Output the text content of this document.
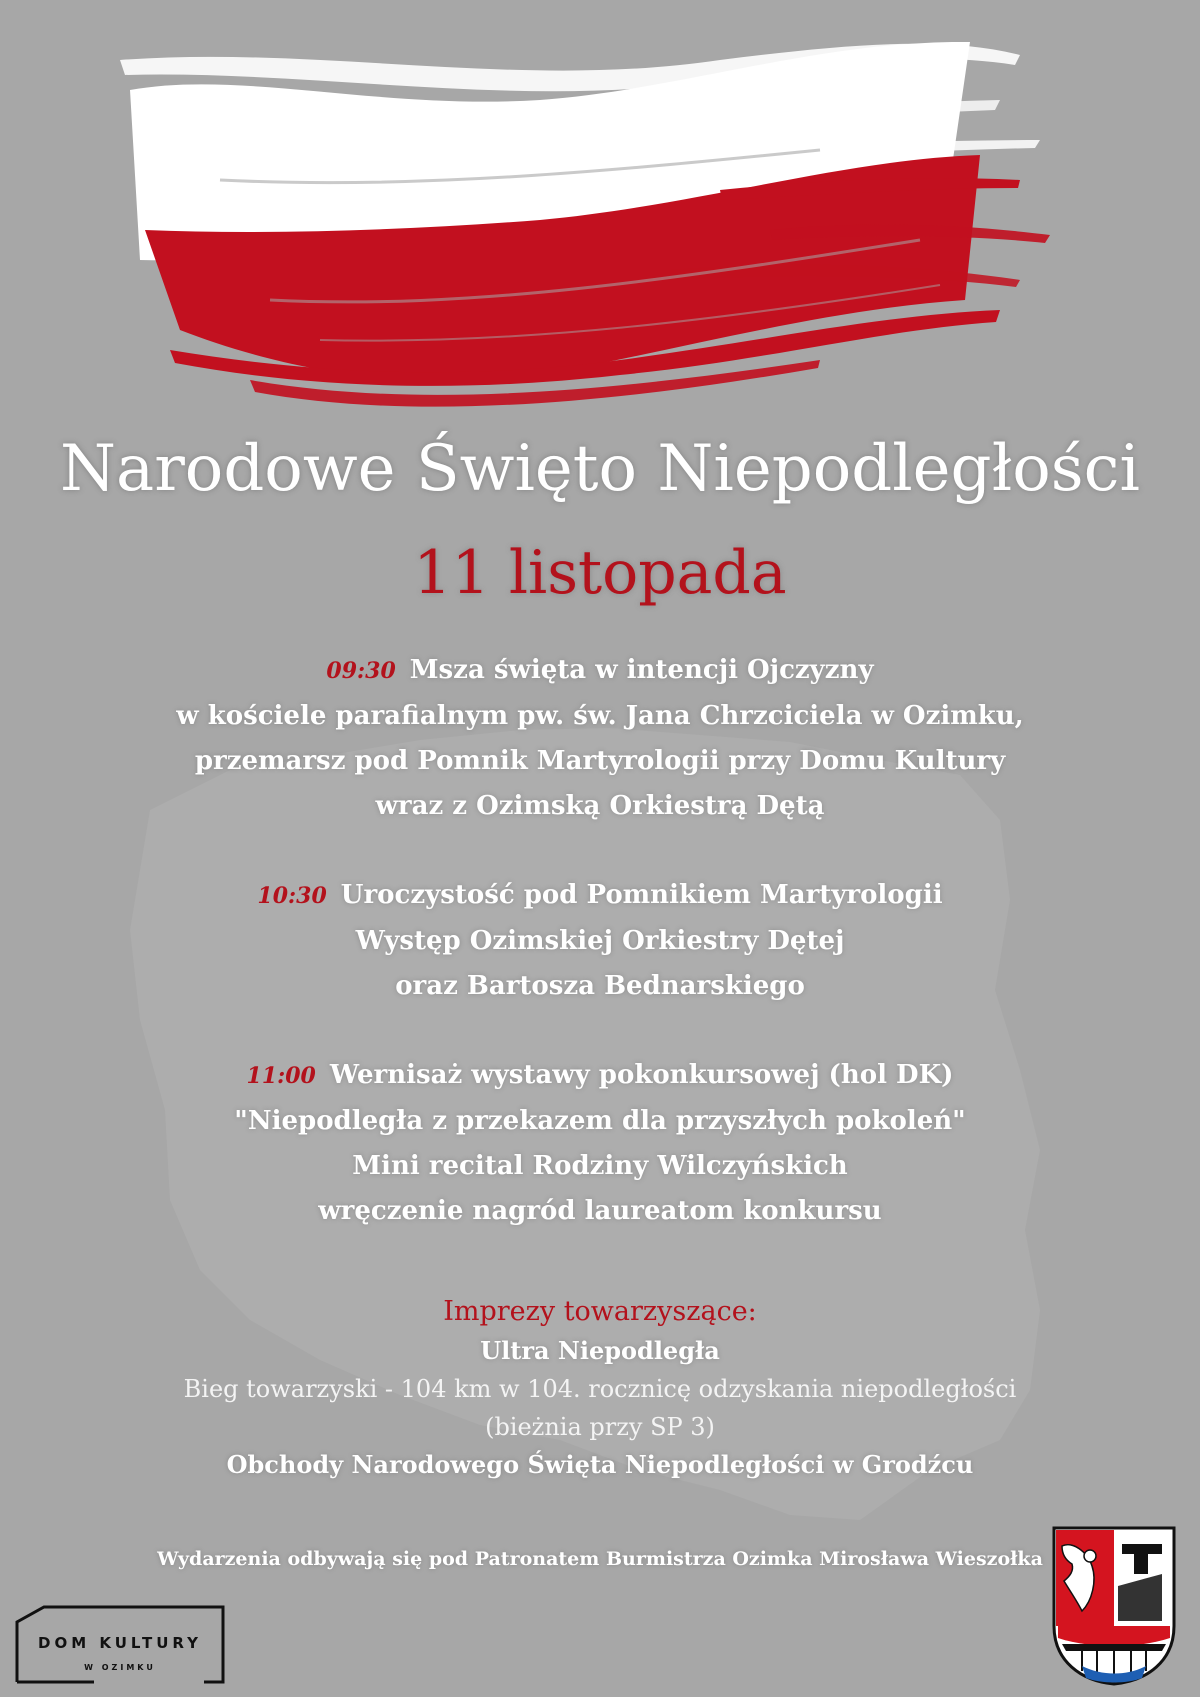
Narodowe Święto Niepodległości
11 listopada
09:30 Msza święta w intencji Ojczyzny
w kościele parafialnym pw. św. Jana Chrzciciela w Ozimku,
przemarsz pod Pomnik Martyrologii przy Domu Kultury
wraz z Ozimską Orkiestrą Dętą
10:30 Uroczystość pod Pomnikiem Martyrologii
Występ Ozimskiej Orkiestry Dętej
oraz Bartosza Bednarskiego
11:00 Wernisaż wystawy pokonkursowej (hol DK)
"Niepodległa z przekazem dla przyszłych pokoleń"
Mini recital Rodziny Wilczyńskich
wręczenie nagród laureatom konkursu
Imprezy towarzyszące:
Ultra Niepodległa
Bieg towarzyski - 104 km w 104. rocznicę odzyskania niepodległości
(bieżnia przy SP 3)
Obchody Narodowego Święta Niepodległości w Grodźcu
Wydarzenia odbywają się pod Patronatem Burmistrza Ozimka Mirosława Wieszołka
DOM KULTURY
W OZIMKU
